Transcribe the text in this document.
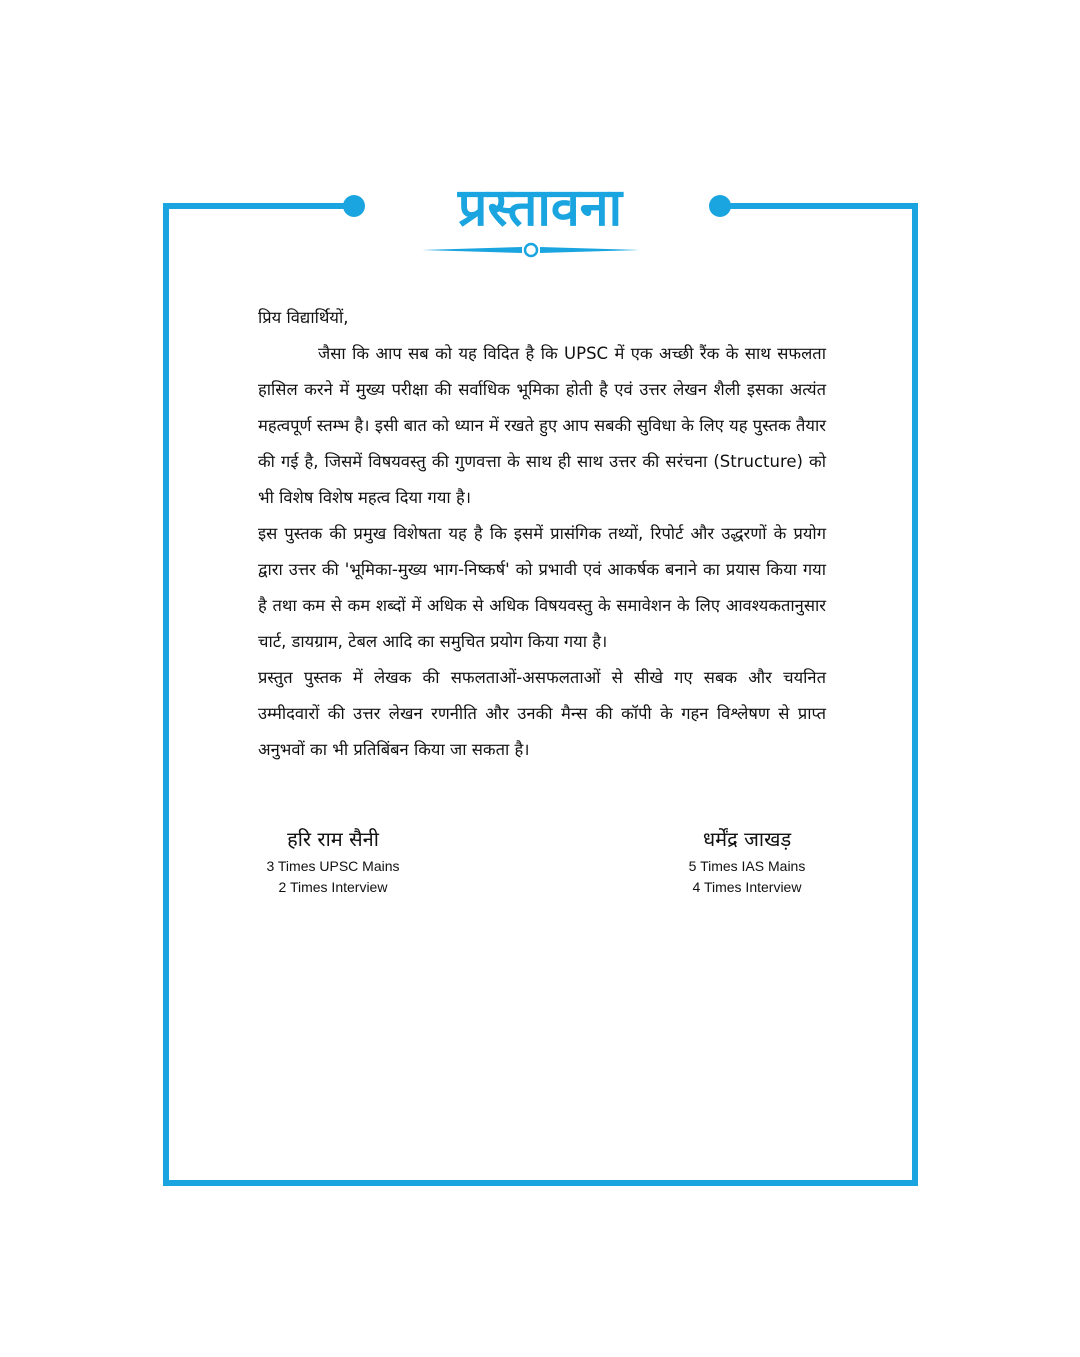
प्रस्तावना

प्रिय विद्यार्थियों,

जैसा कि आप सब को यह विदित है कि UPSC में एक अच्छी रैंक के साथ सफलता हासिल करने में मुख्य परीक्षा की सर्वाधिक भूमिका होती है एवं उत्तर लेखन शैली इसका अत्यंत महत्वपूर्ण स्तम्भ है। इसी बात को ध्यान में रखते हुए आप सबकी सुविधा के लिए यह पुस्तक तैयार की गई है, जिसमें विषयवस्तु की गुणवत्ता के साथ ही साथ उत्तर की सरंचना (Structure) को भी विशेष विशेष महत्व दिया गया है।

इस पुस्तक की प्रमुख विशेषता यह है कि इसमें प्रासंगिक तथ्यों, रिपोर्ट और उद्धरणों के प्रयोग द्वारा उत्तर की 'भूमिका-मुख्य भाग-निष्कर्ष' को प्रभावी एवं आकर्षक बनाने का प्रयास किया गया है तथा कम से कम शब्दों में अधिक से अधिक विषयवस्तु के समावेशन के लिए आवश्यकतानुसार चार्ट, डायग्राम, टेबल आदि का समुचित प्रयोग किया गया है।

प्रस्तुत पुस्तक में लेखक की सफलताओं-असफलताओं से सीखे गए सबक और चयनित उम्मीदवारों की उत्तर लेखन रणनीति और उनकी मैन्स की कॉपी के गहन विश्लेषण से प्राप्त अनुभवों का भी प्रतिबिंबन किया जा सकता है।

हरि राम सैनी
3 Times UPSC Mains
2 Times Interview
धर्मेंद्र जाखड़
5 Times IAS Mains
4 Times Interview
